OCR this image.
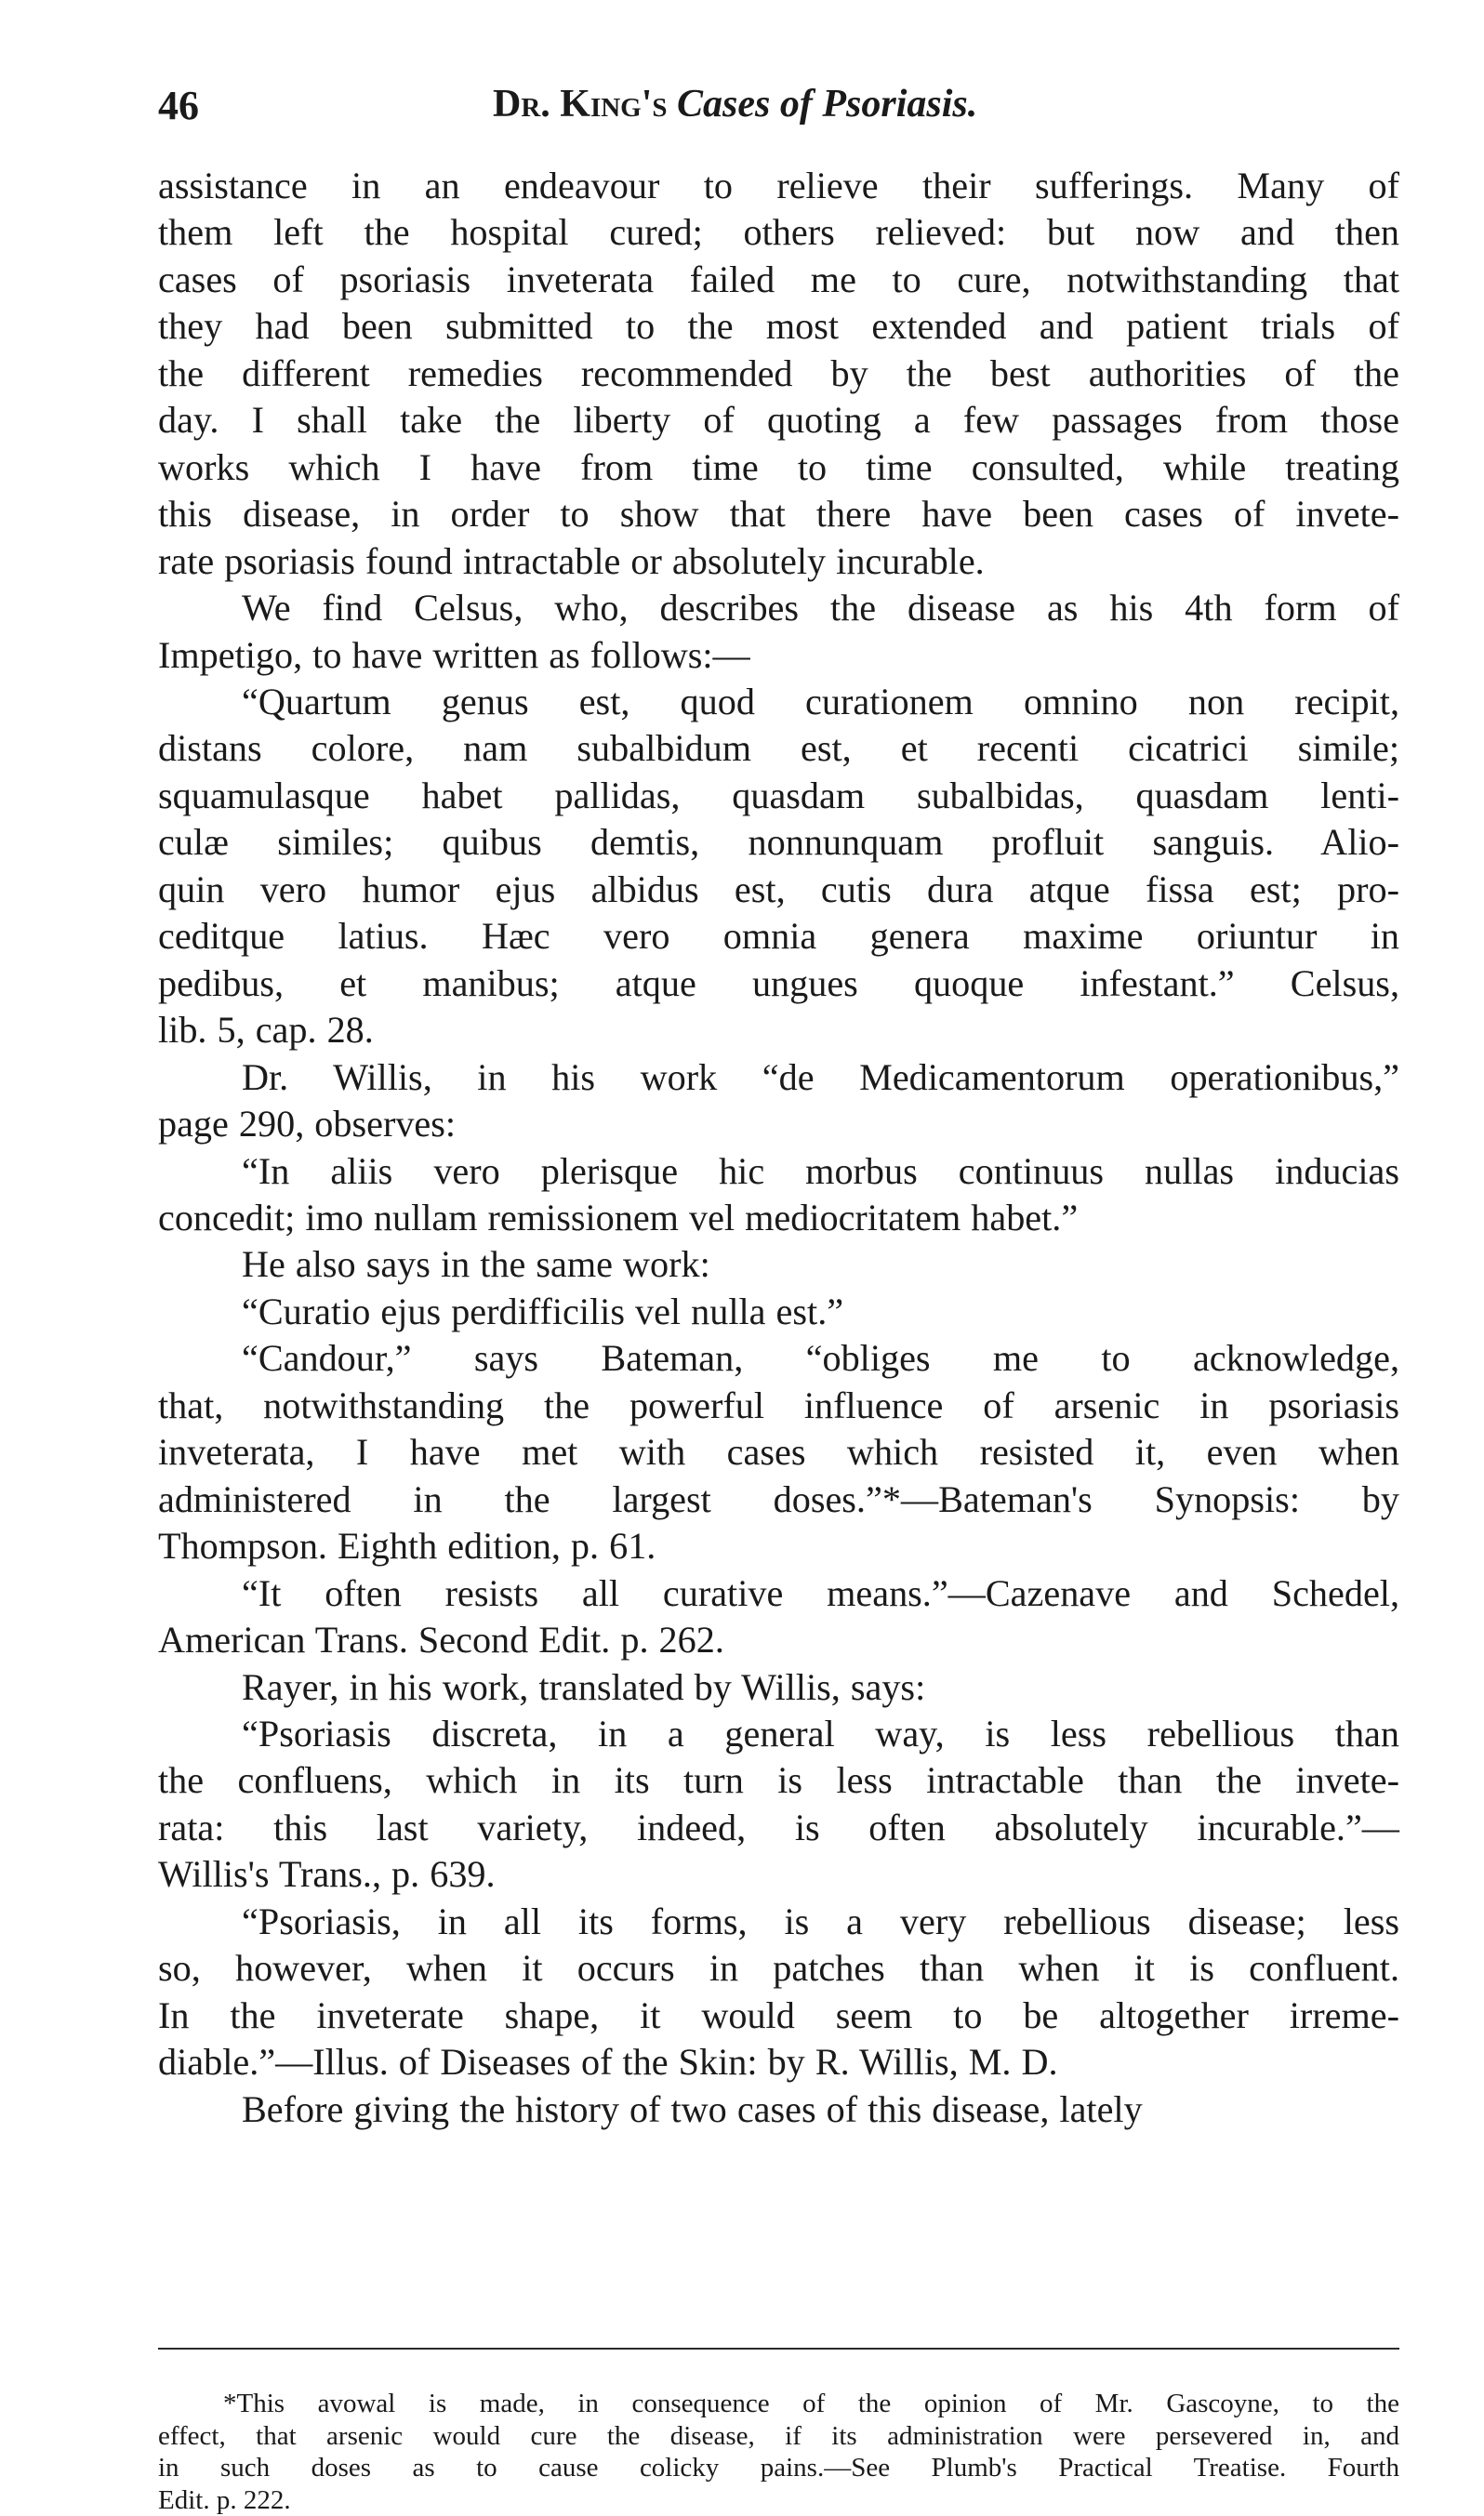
46	Dr. King's Cases of Psoriasis.
assistance in an endeavour to relieve their sufferings. Many of
them left the hospital cured; others relieved: but now and then
cases of psoriasis inveterata failed me to cure, notwithstanding that
they had been submitted to the most extended and patient trials of
the different remedies recommended by the best authorities of the
day. I shall take the liberty of quoting a few passages from those
works which I have from time to time consulted, while treating
this disease, in order to show that there have been cases of invete-
rate psoriasis found intractable or absolutely incurable.
We find Celsus, who, describes the disease as his 4th form of
Impetigo, to have written as follows:—
“Quartum genus est, quod curationem omnino non recipit,
distans colore, nam subalbidum est, et recenti cicatrici simile;
squamulasque habet pallidas, quasdam subalbidas, quasdam lenti-
culæ similes; quibus demtis, nonnunquam profluit sanguis. Alio-
quin vero humor ejus albidus est, cutis dura atque fissa est; pro-
ceditque latius. Hæc vero omnia genera maxime oriuntur in
pedibus, et manibus; atque ungues quoque infestant.” Celsus,
lib. 5, cap. 28.
Dr. Willis, in his work “de Medicamentorum operationibus,”
page 290, observes:
“In aliis vero plerisque hic morbus continuus nullas inducias
concedit; imo nullam remissionem vel mediocritatem habet.”
He also says in the same work:
“Curatio ejus perdifficilis vel nulla est.”
“Candour,” says Bateman, “obliges me to acknowledge,
that, notwithstanding the powerful influence of arsenic in psoriasis
inveterata, I have met with cases which resisted it, even when
administered in the largest doses.”*—Bateman's Synopsis: by
Thompson. Eighth edition, p. 61.
“It often resists all curative means.”—Cazenave and Schedel,
American Trans. Second Edit. p. 262.
Rayer, in his work, translated by Willis, says:
“Psoriasis discreta, in a general way, is less rebellious than
the confluens, which in its turn is less intractable than the invete-
rata: this last variety, indeed, is often absolutely incurable.”—
Willis's Trans., p. 639.
“Psoriasis, in all its forms, is a very rebellious disease; less
so, however, when it occurs in patches than when it is confluent.
In the inveterate shape, it would seem to be altogether irreme-
diable.”—Illus. of Diseases of the Skin: by R. Willis, M. D.
Before giving the history of two cases of this disease, lately
*This avowal is made, in consequence of the opinion of Mr. Gascoyne, to the
effect, that arsenic would cure the disease, if its administration were persevered in, and
in such doses as to cause colicky pains.—See Plumb's Practical Treatise. Fourth
Edit. p. 222.
